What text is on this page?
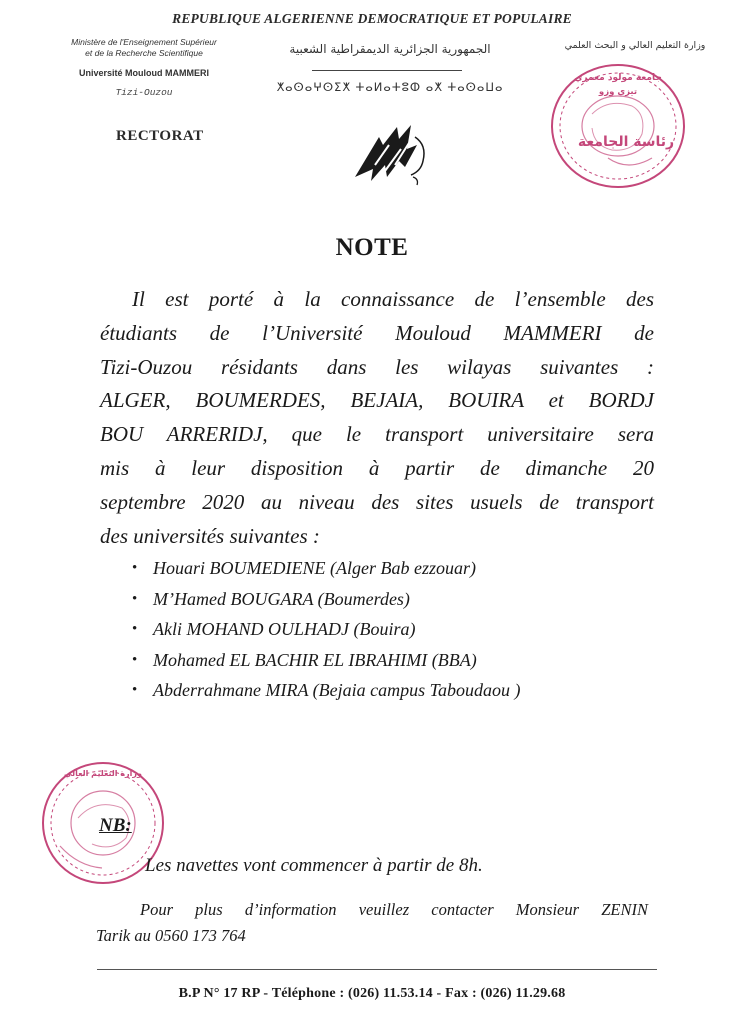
REPUBLIQUE ALGERIENNE DEMOCRATIQUE ET POPULAIRE
Ministère de l'Enseignement Supérieur
et de la Recherche Scientifique
Université Mouloud MAMMERI
Tizi-Ouzou
RECTORAT
الجمهورية الجزائرية الديمقراطية الشعبية
ⵅⴰⵙⴰⵖⵙⵉⵅ ⵜⴰⵍⴰⵜⵓⵀ ⴰⵅ ⵜⴰⵙⴰⵡⴰ
وزارة التعليم العالي و البحث العلمي
جامعة مولود معمري
تيزي وزو
رئاسة الجامعة
NOTE
Il est porté à la connaissance de l’ensemble des
étudiants de l’Université Mouloud MAMMERI de
Tizi-Ouzou résidants dans les wilayas suivantes :
ALGER, BOUMERDES, BEJAIA, BOUIRA et BORDJ
BOU ARRERIDJ, que le transport universitaire sera
mis à leur disposition à partir de dimanche 20
septembre 2020 au niveau des sites usuels de transport
des universités suivantes :
• Houari BOUMEDIENE (Alger Bab ezzouar)
• M’Hamed BOUGARA (Boumerdes)
• Akli MOHAND OULHADJ (Bouira)
• Mohamed EL BACHIR EL IBRAHIMI (BBA)
• Abderrahmane MIRA (Bejaia campus Taboudaou )
وزارة التعليم العالي
NB:
Les navettes vont commencer à partir de 8h.
Pour plus d’information veuillez contacter Monsieur ZENIN
Tarik au 0560 173 764
B.P N° 17 RP - Téléphone : (026) 11.53.14 - Fax : (026) 11.29.68
